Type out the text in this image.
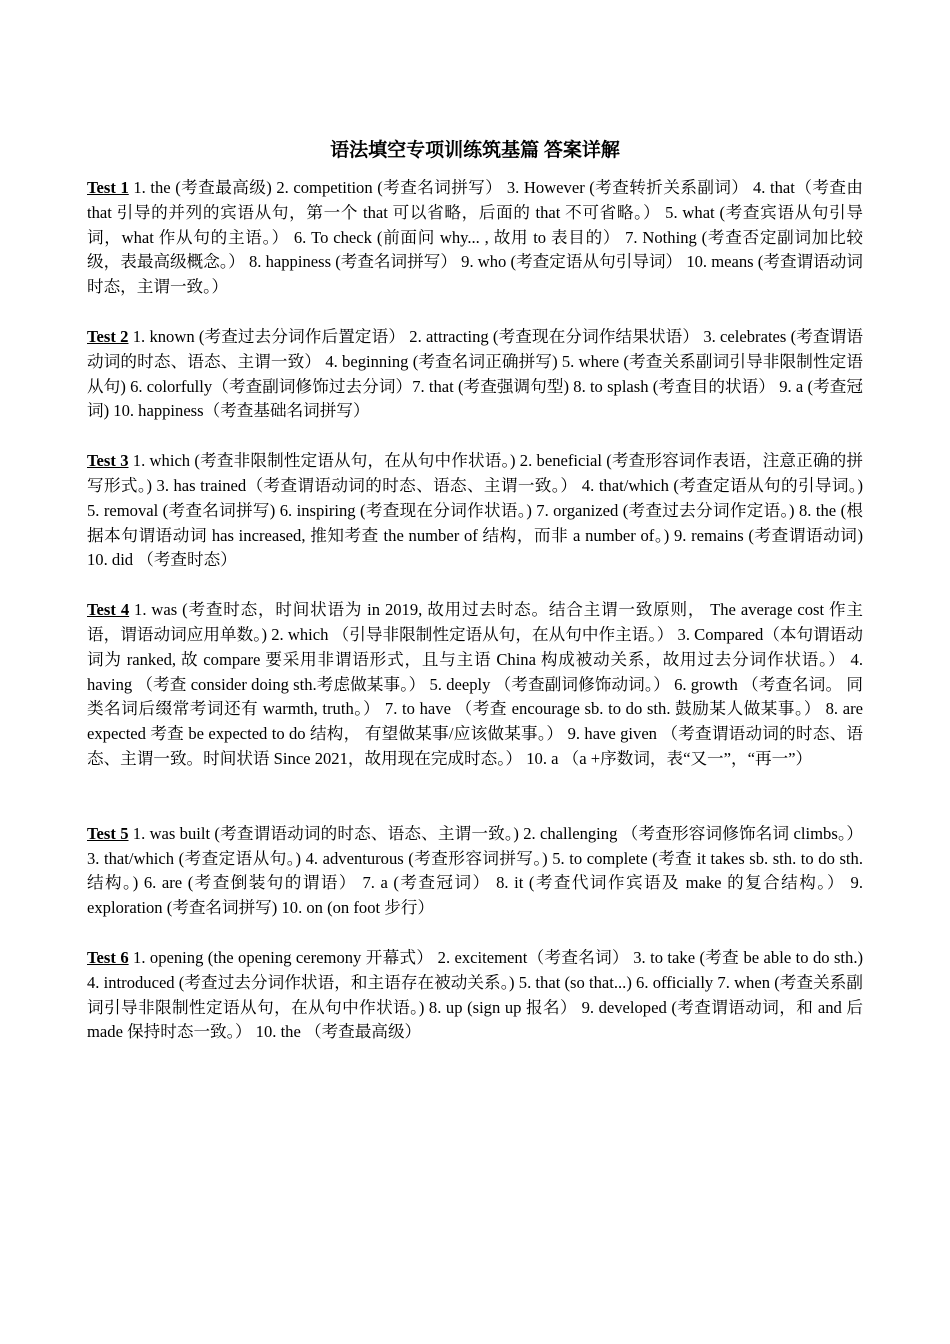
语法填空专项训练筑基篇 答案详解

Test 1 1. the (考查最高级) 2. competition (考查名词拼写） 3. However (考查转折关系副词） 4. that（考查由 that 引导的并列的宾语从句，第一个 that 可以省略，后面的 that 不可省略。） 5. what (考查宾语从句引导词，what 作从句的主语。） 6. To check (前面问 why... , 故用 to 表目的） 7. Nothing (考查否定副词加比较级，表最高级概念。） 8. happiness (考查名词拼写） 9. who (考查定语从句引导词） 10. means (考查谓语动词时态，主谓一致。）

Test 2 1. known (考查过去分词作后置定语） 2. attracting (考查现在分词作结果状语） 3. celebrates (考查谓语动词的时态、语态、主谓一致） 4. beginning (考查名词正确拼写) 5. where (考查关系副词引导非限制性定语从句) 6. colorfully（考查副词修饰过去分词）7. that (考查强调句型) 8. to splash (考查目的状语） 9. a (考查冠词) 10. happiness（考查基础名词拼写）

Test 3 1. which (考查非限制性定语从句，在从句中作状语。) 2. beneficial (考查形容词作表语，注意正确的拼写形式。) 3. has trained（考查谓语动词的时态、语态、主谓一致。） 4. that/which (考查定语从句的引导词。) 5. removal (考查名词拼写) 6. inspiring (考查现在分词作状语。) 7. organized (考查过去分词作定语。) 8. the (根据本句谓语动词 has increased, 推知考查 the number of 结构，而非 a number of。) 9. remains (考查谓语动词) 10. did （考查时态）

Test 4 1. was (考查时态，时间状语为 in 2019, 故用过去时态。结合主谓一致原则， The average cost 作主语，谓语动词应用单数。) 2. which （引导非限制性定语从句，在从句中作主语。） 3. Compared（本句谓语动词为 ranked, 故 compare 要采用非谓语形式，且与主语 China 构成被动关系，故用过去分词作状语。） 4. having （考查 consider doing sth.考虑做某事。） 5. deeply （考查副词修饰动词。） 6. growth （考查名词。 同类名词后缀常考词还有 warmth, truth。） 7. to have （考查 encourage sb. to do sth. 鼓励某人做某事。） 8. are expected 考查 be expected to do 结构， 有望做某事/应该做某事。） 9. have given （考查谓语动词的时态、语态、主谓一致。时间状语 Since 2021，故用现在完成时态。） 10. a （a +序数词，表“又一”，“再一”）

Test 5 1. was built (考查谓语动词的时态、语态、主谓一致。) 2. challenging （考查形容词修饰名词 climbs。） 3. that/which (考查定语从句。) 4. adventurous (考查形容词拼写。) 5. to complete (考查 it takes sb. sth. to do sth. 结构。) 6. are (考查倒装句的谓语） 7. a (考查冠词） 8. it (考查代词作宾语及 make 的复合结构。） 9. exploration (考查名词拼写) 10. on (on foot 步行）

Test 6 1. opening (the opening ceremony 开幕式） 2. excitement（考查名词） 3. to take (考查 be able to do sth.) 4. introduced (考查过去分词作状语，和主语存在被动关系。) 5. that (so that...) 6. officially 7. when (考查关系副词引导非限制性定语从句，在从句中作状语。) 8. up (sign up 报名） 9. developed (考查谓语动词，和 and 后 made 保持时态一致。） 10. the （考查最高级）
